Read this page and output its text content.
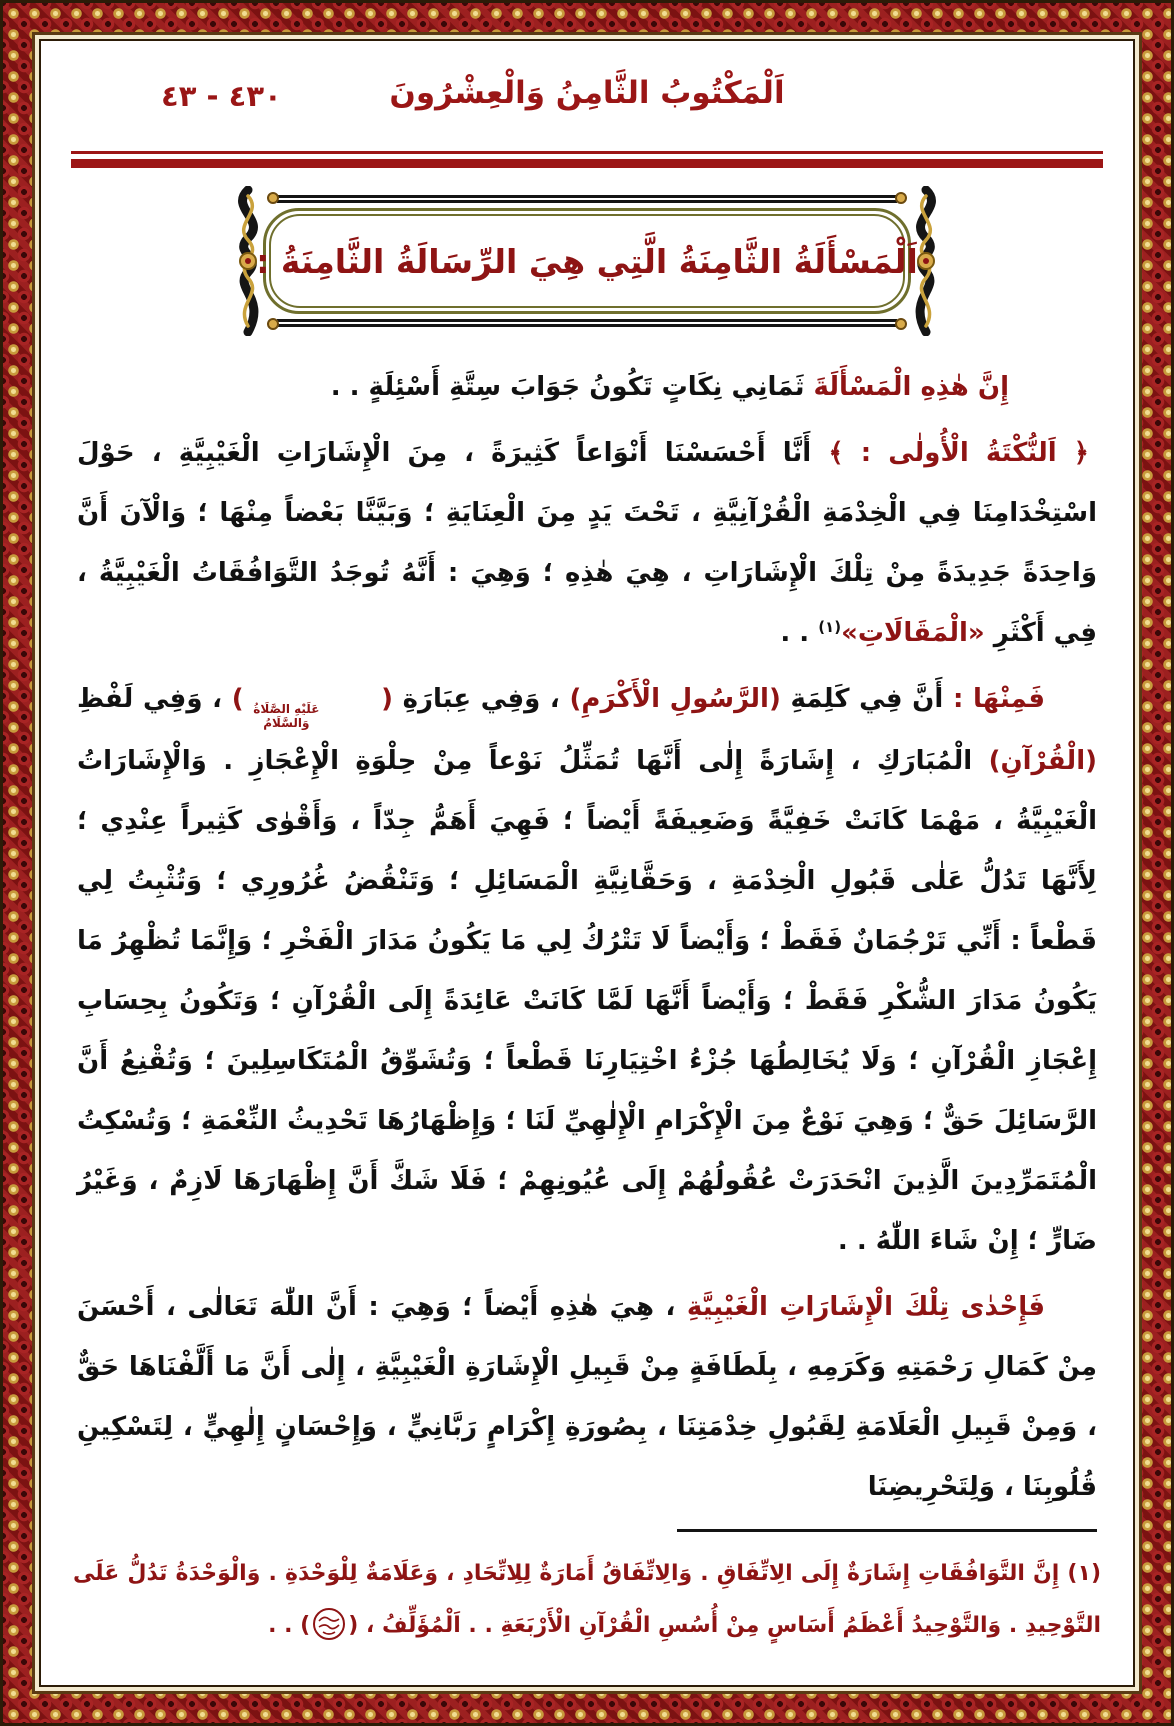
اَلْمَكْتُوبُ الثَّامِنُ وَالْعِشْرُونَ
٤٣٠ - ٤٣
اَلْمَسْأَلَةُ الثَّامِنَةُ الَّتِي هِيَ الرِّسَالَةُ الثَّامِنَةُ :

إِنَّ هٰذِهِ الْمَسْأَلَةَ ثَمَانِي نِكَاتٍ تَكُونُ جَوَابَ سِتَّةِ أَسْئِلَةٍ . .

﴿ اَلنُّكْتَةُ الْأُولٰى : ﴾ أَنَّا أَحْسَسْنَا أَنْوَاعاً كَثِيرَةً ، مِنَ الْإِشَارَاتِ الْغَيْبِيَّةِ ، حَوْلَ اسْتِخْدَامِنَا فِي الْخِدْمَةِ الْقُرْآنِيَّةِ ، تَحْتَ يَدٍ مِنَ الْعِنَايَةِ ؛ وَبَيَّنَّا بَعْضاً مِنْهَا ؛ وَالْآنَ أَنَّ وَاحِدَةً جَدِيدَةً مِنْ تِلْكَ الْإِشَارَاتِ ، هِيَ هٰذِهِ ؛ وَهِيَ : أَنَّهُ تُوجَدُ التَّوَافُقَاتُ الْغَيْبِيَّةُ ، فِي أَكْثَرِ «الْمَقَالَاتِ»$^{(١)}$ . .

فَمِنْهَا : أَنَّ فِي كَلِمَةِ (الرَّسُولِ الْأَكْرَمِ) ، وَفِي عِبَارَةِ (
عَلَيْهِ الصَّلَاةُ
وَالسَّلَامُ
) ، وَفِي لَفْظِ (الْقُرْآنِ) الْمُبَارَكِ ، إِشَارَةً إِلٰى أَنَّهَا تُمَثِّلُ نَوْعاً مِنْ حِلْوَةِ الْإِعْجَازِ . وَالْإِشَارَاتُ الْغَيْبِيَّةُ ، مَهْمَا كَانَتْ خَفِيَّةً وَضَعِيفَةً أَيْضاً ؛ فَهِيَ أَهَمُّ جِدّاً ، وَأَقْوٰى كَثِيراً عِنْدِي ؛ لِأَنَّهَا تَدُلُّ عَلٰى قَبُولِ الْخِدْمَةِ ، وَحَقَّانِيَّةِ الْمَسَائِلِ ؛ وَتَنْقُضُ غُرُورِي ؛ وَتُثْبِتُ لِي قَطْعاً : أَنِّي تَرْجُمَانٌ فَقَطْ ؛ وَأَيْضاً لَا تَتْرُكُ لِي مَا يَكُونُ مَدَارَ الْفَخْرِ ؛ وَإِنَّمَا تُظْهِرُ مَا يَكُونُ مَدَارَ الشُّكْرِ فَقَطْ ؛ وَأَيْضاً أَنَّهَا لَمَّا كَانَتْ عَائِدَةً إِلَى الْقُرْآنِ ؛ وَتَكُونُ بِحِسَابِ إِعْجَازِ الْقُرْآنِ ؛ وَلَا يُخَالِطُهَا جُزْءُ اخْتِيَارِنَا قَطْعاً ؛ وَتُشَوِّقُ الْمُتَكَاسِلِينَ ؛ وَتُقْنِعُ أَنَّ الرَّسَائِلَ حَقٌّ ؛ وَهِيَ نَوْعٌ مِنَ الْإِكْرَامِ الْإِلٰهِيِّ لَنَا ؛ وَإِظْهَارُهَا تَحْدِيثُ النِّعْمَةِ ؛ وَتُسْكِتُ الْمُتَمَرِّدِينَ الَّذِينَ انْحَدَرَتْ عُقُولُهُمْ إِلَى عُيُونِهِمْ ؛ فَلَا شَكَّ أَنَّ إِظْهَارَهَا لَازِمٌ ، وَغَيْرُ ضَارٍّ ؛ إِنْ شَاءَ اللّٰهُ . .

فَإِحْدٰى تِلْكَ الْإِشَارَاتِ الْغَيْبِيَّةِ ، هِيَ هٰذِهِ أَيْضاً ؛ وَهِيَ : أَنَّ اللّٰهَ تَعَالٰى ، أَحْسَنَ مِنْ كَمَالِ رَحْمَتِهِ وَكَرَمِهِ ، بِلَطَافَةٍ مِنْ قَبِيلِ الْإِشَارَةِ الْغَيْبِيَّةِ ، إِلٰى أَنَّ مَا أَلَّفْنَاهَا حَقٌّ ، وَمِنْ قَبِيلِ الْعَلَامَةِ لِقَبُولِ خِدْمَتِنَا ، بِصُورَةِ إِكْرَامٍ رَبَّانِيٍّ ، وَإِحْسَانٍ إِلٰهِيٍّ ، لِتَسْكِينِ قُلُوبِنَا ، وَلِتَحْرِيضِنَا

(١) إِنَّ التَّوَافُقَاتِ إِشَارَةٌ إِلَى الِاتِّفَاقِ . وَالِاتِّفَاقُ أَمَارَةٌ لِلِاتِّحَادِ ، وَعَلَامَةٌ لِلْوَحْدَةِ . وَالْوَحْدَةُ تَدُلُّ عَلَى التَّوْحِيدِ . وَالتَّوْحِيدُ أَعْظَمُ أَسَاسٍ مِنْ أُسُسِ الْقُرْآنِ الْأَرْبَعَةِ . . اَلْمُؤَلِّفُ ، () . .
